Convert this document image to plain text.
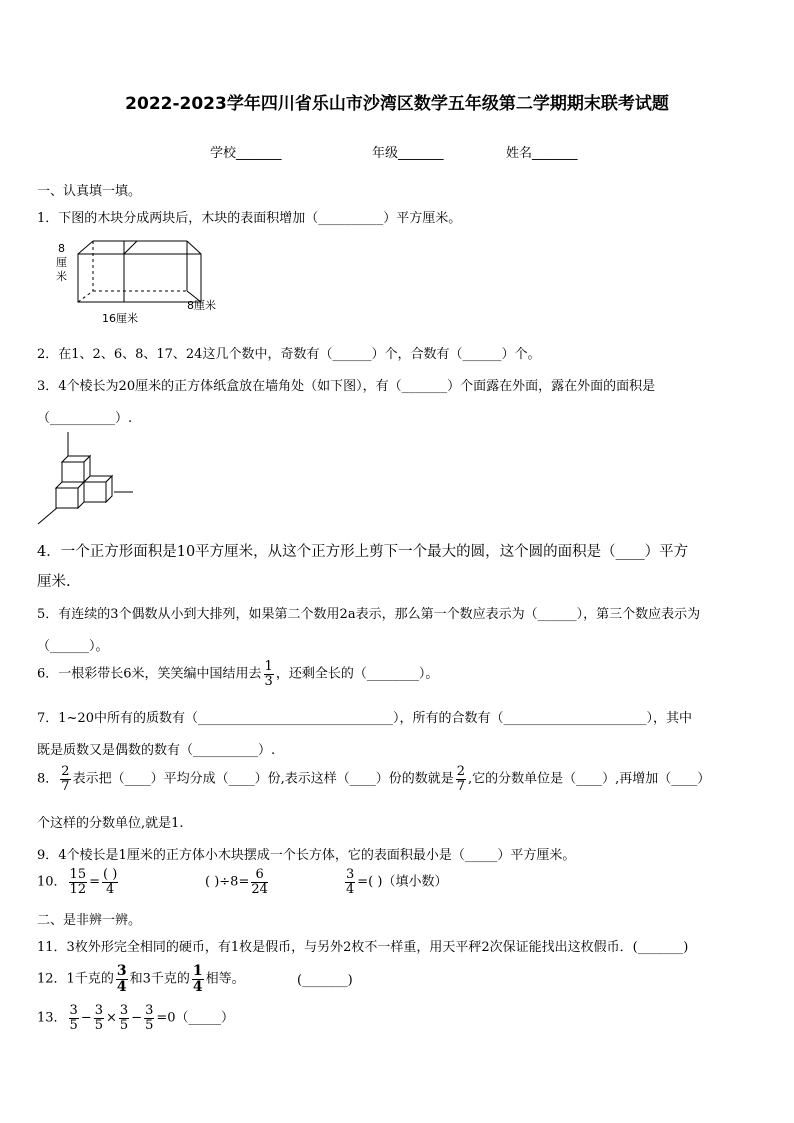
2022-2023学年四川省乐山市沙湾区数学五年级第二学期期末联考试题
学校_______	年级_______	姓名_______
一、认真填一填。
1．下图的木块分成两块后，木块的表面积增加（__________）平方厘米。
8
厘
米
16厘米
8厘米
2．在1、2、6、8、17、24这几个数中，奇数有（______）个，合数有（______）个。
3．4个棱长为20厘米的正方体纸盒放在墙角处（如下图），有（_______）个面露在外面，露在外面的面积是
（__________）.
4．一个正方形面积是10平方厘米，从这个正方形上剪下一个最大的圆，这个圆的面积是（____）平方
厘米.
5．有连续的3个偶数从小到大排列，如果第二个数用2a表示，那么第一个数应表示为（______），第三个数应表示为
（______）。
6．一根彩带长6米，笑笑编中国结用去 $\frac{1}{3}$ ，还剩全长的（________）。
7．1~20中所有的质数有（______________________________），所有的合数有（______________________），其中
既是质数又是偶数的数有（__________）.
8． $\frac{2}{7}$ 表示把（____）平均分成（____）份,表示这样（____）份的数就是 $\frac{2}{7}$ ,它的分数单位是（____）,再增加（____）
个这样的分数单位,就是1.
9．4个棱长是1厘米的正方体小木块摆成一个长方体，它的表面积最小是（_____）平方厘米。
10． $\frac{15}{12} = \frac{( )}{4}$	( )$\div 8= \frac{6}{24}$	$\frac{3}{4}$ =( )（填小数）
二、是非辨一辨。
11．3枚外形完全相同的硬币，有1枚是假币，与另外2枚不一样重，用天平秤2次保证能找出这枚假币．(_______)
12．1千克的 $\frac{3}{4}$ 和3千克的 $\frac{1}{4}$ 相等。	(_______)
13． $\frac{3}{5} - \frac{3}{5} \times \frac{3}{5} - \frac{3}{5}$ =0（_____）
